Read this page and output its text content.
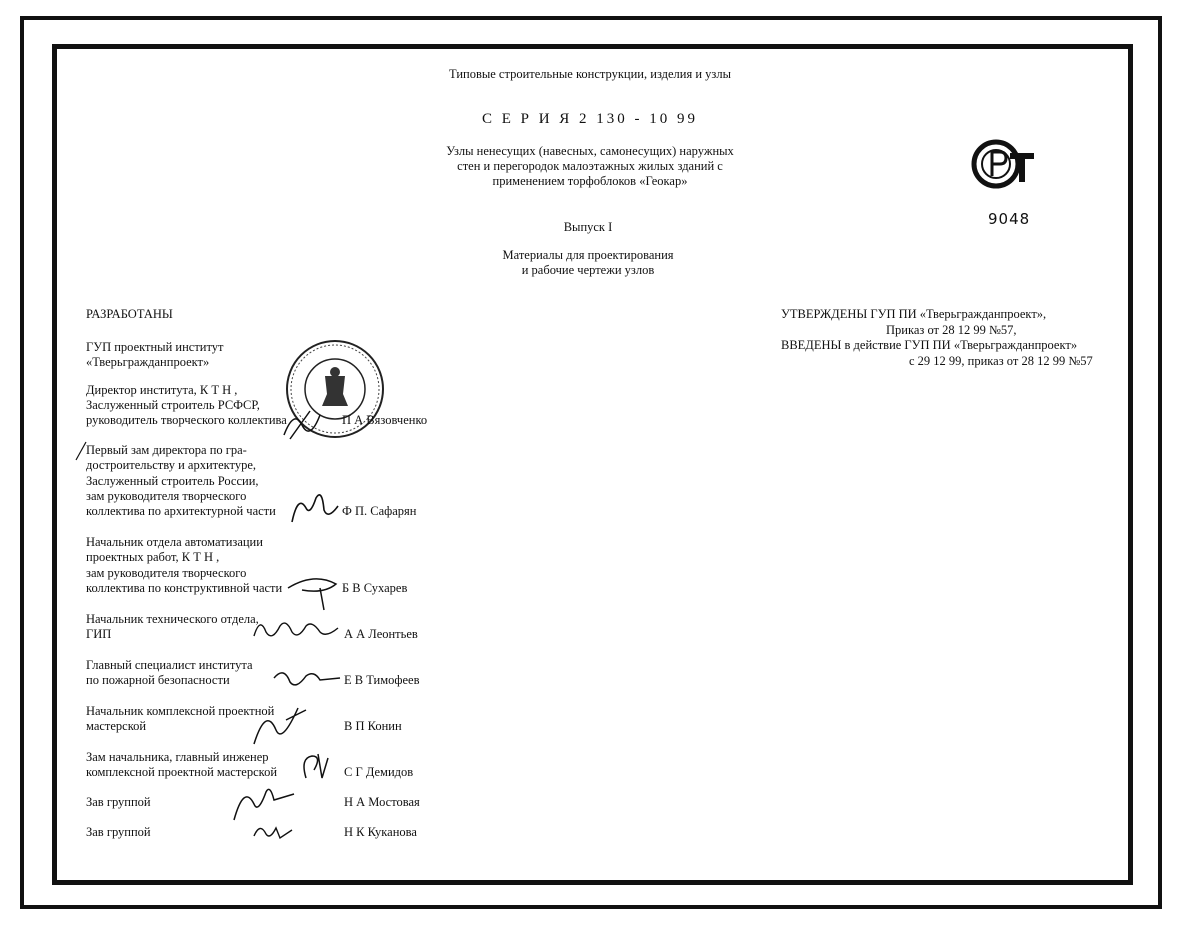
Типовые строительные конструкции, изделия и узлы
С Е Р И Я 2 130 - 10 99
Узлы ненесущих (навесных, самонесущих) наружных
стен и перегородок малоэтажных жилых зданий с
применением торфоблоков «Геокар»
Выпуск I
Материалы для проектирования
и рабочие чертежи узлов
9048
РАЗРАБОТАНЫ
ГУП проектный институт
«Тверьгражданпроект»
Директор института, К Т Н ,
Заслуженный строитель РСФСР,
руководитель творческого коллектива	П А Вязовченко
Первый зам директора по гра-
достроительству и архитектуре,
Заслуженный строитель России,
зам руководителя творческого
коллектива по архитектурной части	Ф П. Сафарян
Начальник отдела автоматизации
проектных работ, К Т Н ,
зам руководителя творческого
коллектива по конструктивной части	Б В Сухарев
Начальник технического отдела,
ГИП	А А Леонтьев
Главный специалист института
по пожарной безопасности	Е В Тимофеев
Начальник комплексной проектной
мастерской	В П Конин
Зам начальника, главный инженер
комплексной проектной мастерской	С Г Демидов
Зав группой	Н А Мостовая
Зав группой	Н К Куканова
УТВЕРЖДЕНЫ ГУП ПИ «Тверьгражданпроект»,
Приказ от 28 12 99 №57,
ВВЕДЕНЫ в действие ГУП ПИ «Тверьгражданпроект»
с 29 12 99, приказ от 28 12 99 №57
